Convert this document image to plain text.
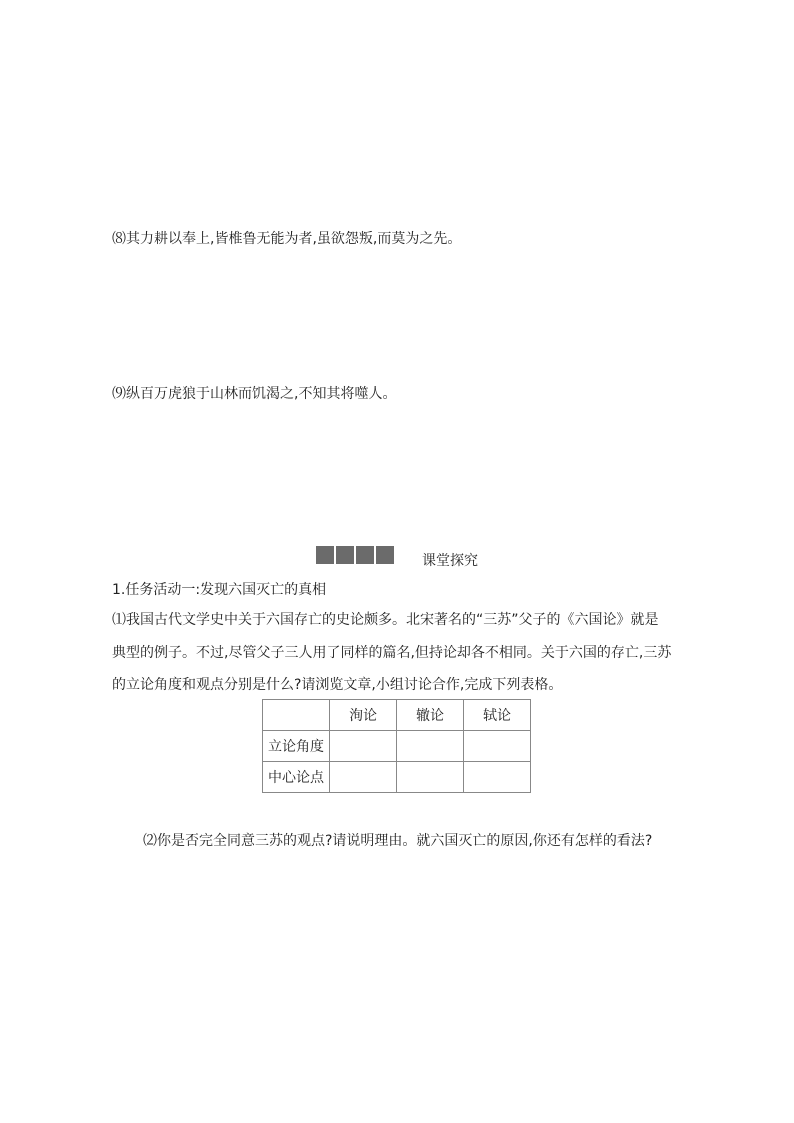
⑻其力耕以奉上,皆椎鲁无能为者,虽欲怨叛,而莫为之先。
⑼纵百万虎狼于山林而饥渴之,不知其将噬人。
课堂探究
1.任务活动一:发现六国灭亡的真相
⑴我国古代文学史中关于六国存亡的史论颇多。北宋著名的“三苏”父子的《六国论》就是
典型的例子。不过,尽管父子三人用了同样的篇名,但持论却各不相同。关于六国的存亡,三苏
的立论角度和观点分别是什么?请浏览文章,小组讨论合作,完成下列表格。
	洵论	辙论	轼论
立论角度			
中心论点			
⑵你是否完全同意三苏的观点?请说明理由。就六国灭亡的原因,你还有怎样的看法?
